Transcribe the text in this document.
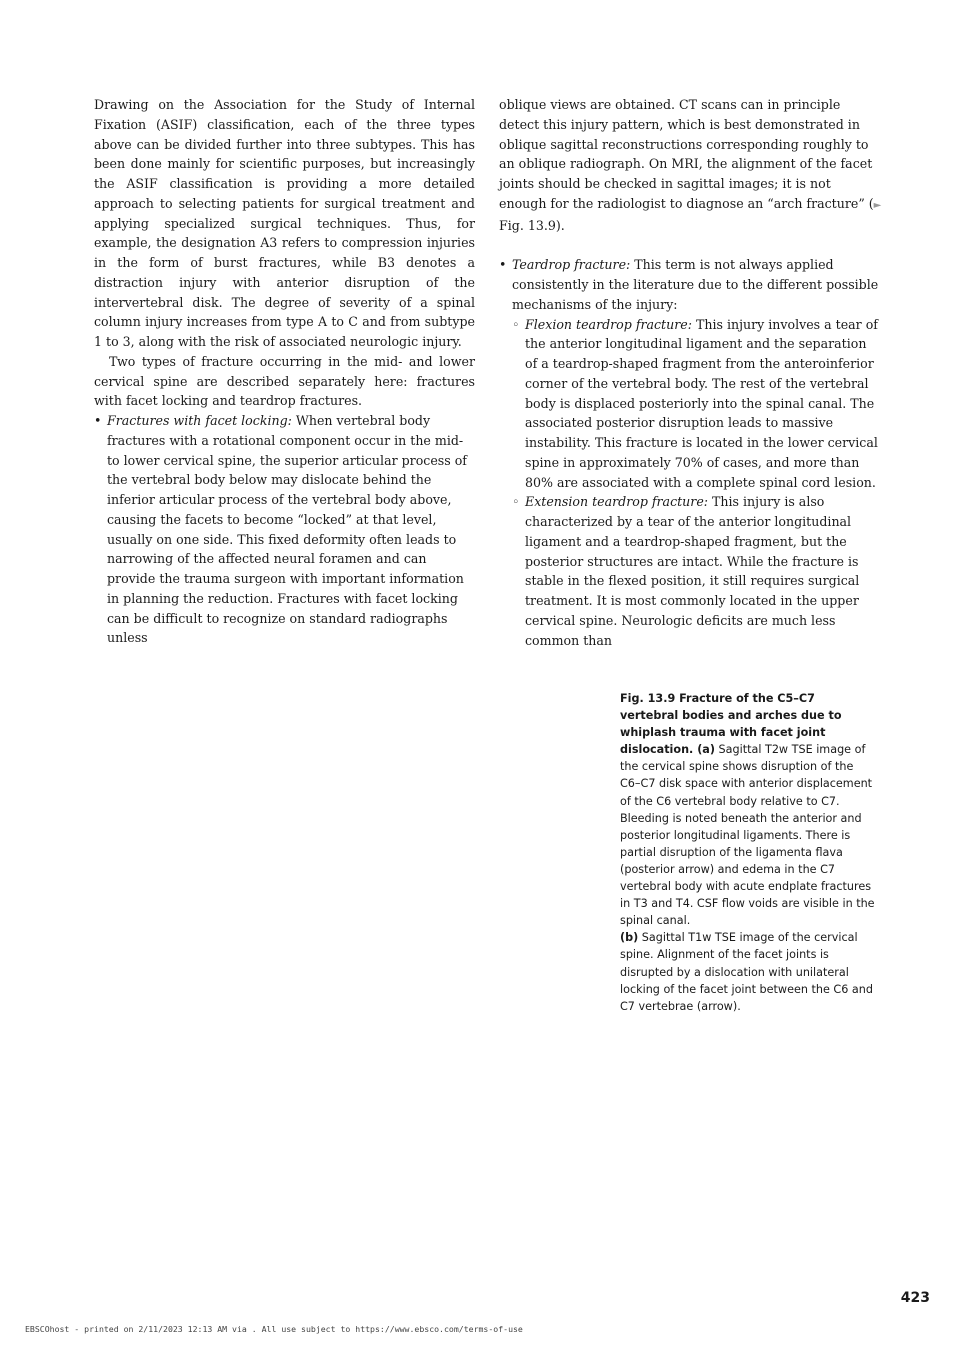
Drawing on the Association for the Study of Internal Fixation (ASIF) classification, each of the three types above can be divided further into three subtypes. This has been done mainly for scientific purposes, but increasingly the ASIF classification is providing a more detailed approach to selecting patients for surgical treatment and applying specialized surgical techniques. Thus, for example, the designation A3 refers to compression injuries in the form of burst fractures, while B3 denotes a distraction injury with anterior disruption of the intervertebral disk. The degree of severity of a spinal column injury increases from type A to C and from subtype 1 to 3, along with the risk of associated neurologic injury.

Two types of fracture occurring in the mid- and lower cervical spine are described separately here: fractures with facet locking and teardrop fractures.

• Fractures with facet locking: When vertebral body fractures with a rotational component occur in the mid- to lower cervical spine, the superior articular process of the vertebral body below may dislocate behind the inferior articular process of the vertebral body above, causing the facets to become “locked” at that level, usually on one side. This fixed deformity often leads to narrowing of the affected neural foramen and can provide the trauma surgeon with important information in planning the reduction. Fractures with facet locking can be difficult to recognize on standard radiographs unless

oblique views are obtained. CT scans can in principle detect this injury pattern, which is best demonstrated in oblique sagittal reconstructions corresponding roughly to an oblique radiograph. On MRI, the alignment of the facet joints should be checked in sagittal images; it is not enough for the radiologist to diagnose an “arch fracture” (► Fig. 13.9).

• Teardrop fracture: This term is not always applied consistently in the literature due to the different possible mechanisms of the injury:
◦ Flexion teardrop fracture: This injury involves a tear of the anterior longitudinal ligament and the separation of a teardrop-shaped fragment from the anteroinferior corner of the vertebral body. The rest of the vertebral body is displaced posteriorly into the spinal canal. The associated posterior disruption leads to massive instability. This fracture is located in the lower cervical spine in approximately 70% of cases, and more than 80% are associated with a complete spinal cord lesion.
◦ Extension teardrop fracture: This injury is also characterized by a tear of the anterior longitudinal ligament and a teardrop-shaped fragment, but the posterior structures are intact. While the fracture is stable in the flexed position, it still requires surgical treatment. It is most commonly located in the upper cervical spine. Neurologic deficits are much less common than

Fig. 13.9 Fracture of the C5–C7 vertebral bodies and arches due to whiplash trauma with facet joint dislocation. (a) Sagittal T2w TSE image of the cervical spine shows disruption of the C6–C7 disk space with anterior displacement of the C6 vertebral body relative to C7. Bleeding is noted beneath the anterior and posterior longitudinal ligaments. There is partial disruption of the ligamenta flava (posterior arrow) and edema in the C7 vertebral body with acute endplate fractures in T3 and T4. CSF flow voids are visible in the spinal canal.

(b) Sagittal T1w TSE image of the cervical spine. Alignment of the facet joints is disrupted by a dislocation with unilateral locking of the facet joint between the C6 and C7 vertebrae (arrow).

423
EBSCOhost - printed on 2/11/2023 12:13 AM via . All use subject to https://www.ebsco.com/terms-of-use
